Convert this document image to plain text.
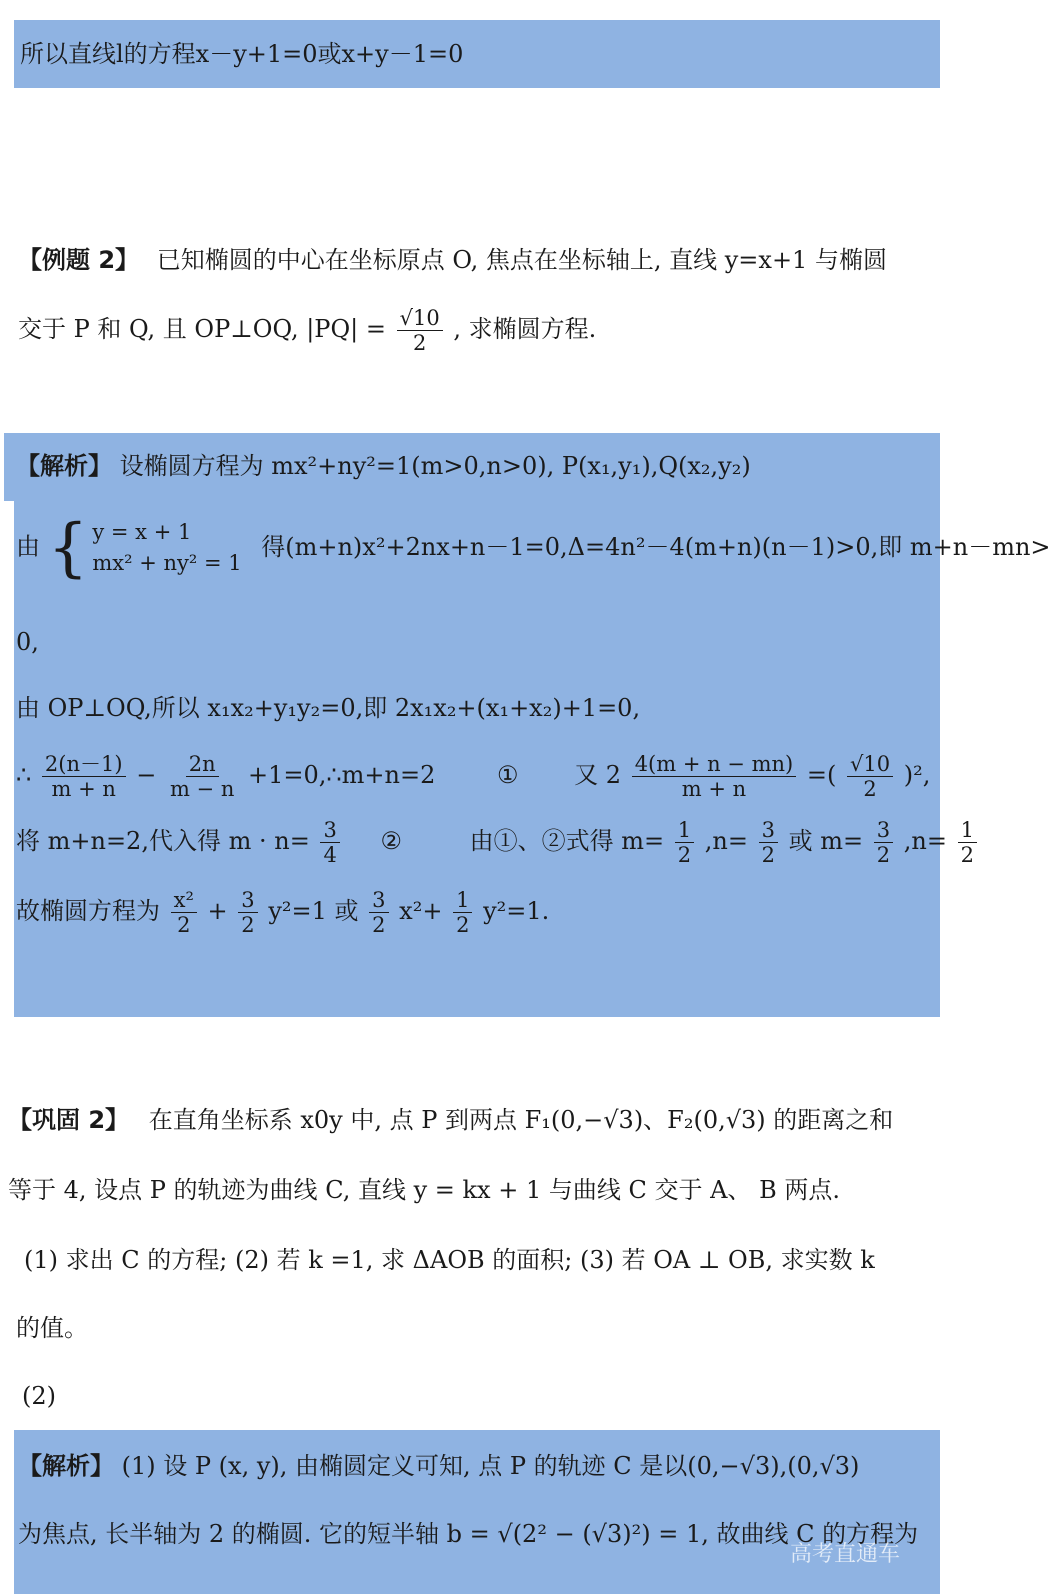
所以直线l的方程x－y+1=0或x+y－1=0
【例题 2】 已知椭圆的中心在坐标原点 O, 焦点在坐标轴上, 直线 y=x+1 与椭圆
交于 P 和 Q, 且 OP⊥OQ, $|PQ| = \frac{√10}{2}$ , 求椭圆方程.
【解析】 设椭圆方程为 mx²+ny²=1(m>0,n>0), P(x₁,y₁),Q(x₂,y₂)
由 { y = x + 1
mx² + ny² = 1
得(m+n)x²+2nx+n－1=0,Δ=4n²－4(m+n)(n－1)>0,即 m+n－mn>
0,
由 OP⊥OQ,所以 x₁x₂+y₁y₂=0,即 2x₁x₂+(x₁+x₂)+1=0,
∴ $\frac{2(n-1)}{m + n} - \frac{2n}{m - n}$ +1=0,∴m+n=2	① 又 $2 \frac{4(m + n - mn)}{m + n}$ =( $\frac{√10}{2} )^2$,
将 m+n=2,代入得 $m \cdot n= \frac{3}{4}$ ②	由①、②式得 $m= \frac{1}{2} ,n= \frac{3}{2}$ 或 $m= \frac{3}{2} ,n= \frac{1}{2}$
故椭圆方程为 $\frac{\text{x²}}{2} + \frac{3}{2} y^2=1$ 或 $\frac{3}{2} x^2+ \frac{1}{2} y^2=1$.
【巩固 2】 在直角坐标系 x0y 中, 点 P 到两点 F₁(0,−√3)、F₂(0,√3) 的距离之和
等于 4, 设点 P 的轨迹为曲线 C, 直线 y = kx + 1 与曲线 C 交于 A、 B 两点.
(1) 求出 C 的方程; (2) 若 k =1, 求 ΔAOB 的面积; (3) 若 OA ⊥ OB, 求实数 k
的值。
(2)
【解析】 (1) 设 P (x, y), 由椭圆定义可知, 点 P 的轨迹 C 是以(0,−√3),(0,√3)
为焦点, 长半轴为 2 的椭圆. 它的短半轴 b = √(2² − (√3)²) = 1, 故曲线 C 的方程为
高考直通车
